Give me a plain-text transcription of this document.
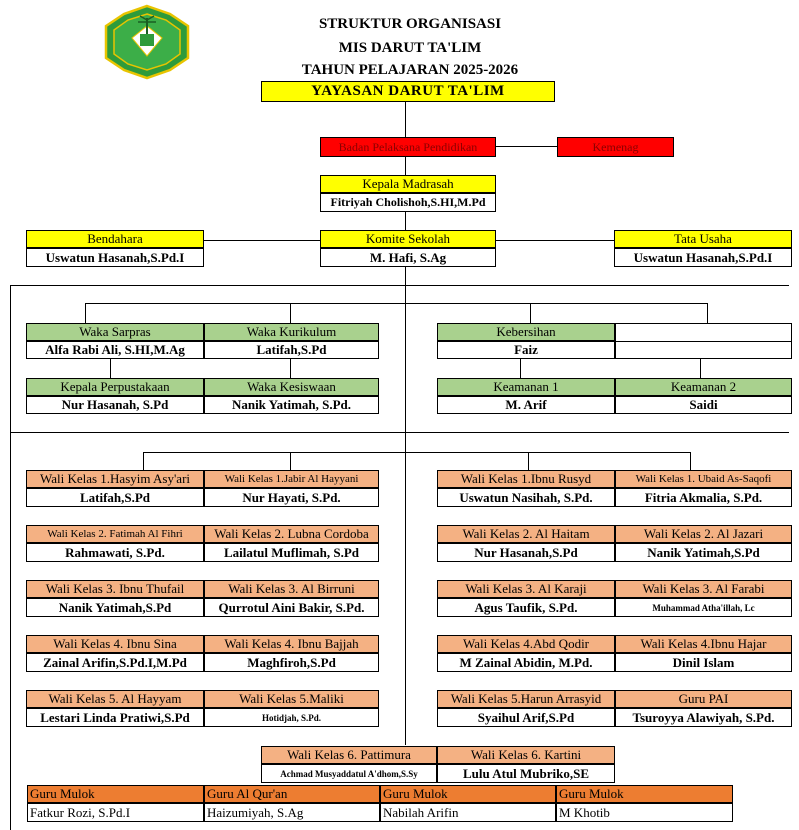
STRUKTUR ORGANISASI
MIS DARUT TA'LIM
TAHUN PELAJARAN 2025-2026
YAYASAN DARUT TA'LIM
Badan Pelaksana Pendidikan	Kemenag
Kepala Madrasah
Fitriyah Cholishoh,S.HI,M.Pd
Bendahara
Uswatun Hasanah,S.Pd.I
Komite Sekolah
M. Hafi, S.Ag
Tata Usaha
Uswatun Hasanah,S.Pd.I
Waka Sarpras
Alfa Rabi Ali, S.HI,M.Ag
Waka Kurikulum
Latifah,S.Pd
Kepala Perpustakaan
Nur Hasanah, S.Pd
Waka Kesiswaan
Nanik Yatimah, S.Pd.
Kebersihan
Faiz
Keamanan 1
M. Arif
Keamanan 2
Saidi
Wali Kelas 1.Hasyim Asy'ari
Latifah,S.Pd
Wali Kelas 1.Jabir Al Hayyani
Nur Hayati, S.Pd.
Wali Kelas 1.Ibnu Rusyd
Uswatun Nasihah, S.Pd.
Wali Kelas 1. Ubaid As-Saqofi
Fitria Akmalia, S.Pd.
Wali Kelas 2. Fatimah Al Fihri
Rahmawati, S.Pd.
Wali Kelas 2. Lubna Cordoba
Lailatul Muflimah, S.Pd
Wali Kelas 2. Al Haitam
Nur Hasanah,S.Pd
Wali Kelas 2. Al Jazari
Nanik Yatimah,S.Pd
Wali Kelas 3. Ibnu Thufail
Nanik Yatimah,S.Pd
Wali Kelas 3. Al Birruni
Qurrotul Aini Bakir, S.Pd.
Wali Kelas 3. Al Karaji
Agus Taufik, S.Pd.
Wali Kelas 3. Al Farabi
Muhammad Atha'illah, Lc
Wali Kelas 4. Ibnu Sina
Zainal Arifin,S.Pd.I,M.Pd
Wali Kelas 4. Ibnu Bajjah
Maghfiroh,S.Pd
Wali Kelas 4.Abd Qodir
M Zainal Abidin, M.Pd.
Wali Kelas 4.Ibnu Hajar
Dinil Islam
Wali Kelas 5. Al Hayyam
Lestari Linda Pratiwi,S.Pd
Wali Kelas 5.Maliki
Hotidjah, S.Pd.
Wali Kelas 5.Harun Arrasyid
Syaihul Arif,S.Pd
Guru PAI
Tsuroyya Alawiyah, S.Pd.
Wali Kelas 6. Pattimura
Achmad Musyaddatul A'dhom,S.Sy
Wali Kelas 6. Kartini
Lulu Atul Mubriko,SE
Guru Mulok
Fatkur Rozi, S.Pd.I
Guru Al Qur'an
Haizumiyah, S.Ag
Guru Mulok
Nabilah Arifin
Guru Mulok
M Khotib
